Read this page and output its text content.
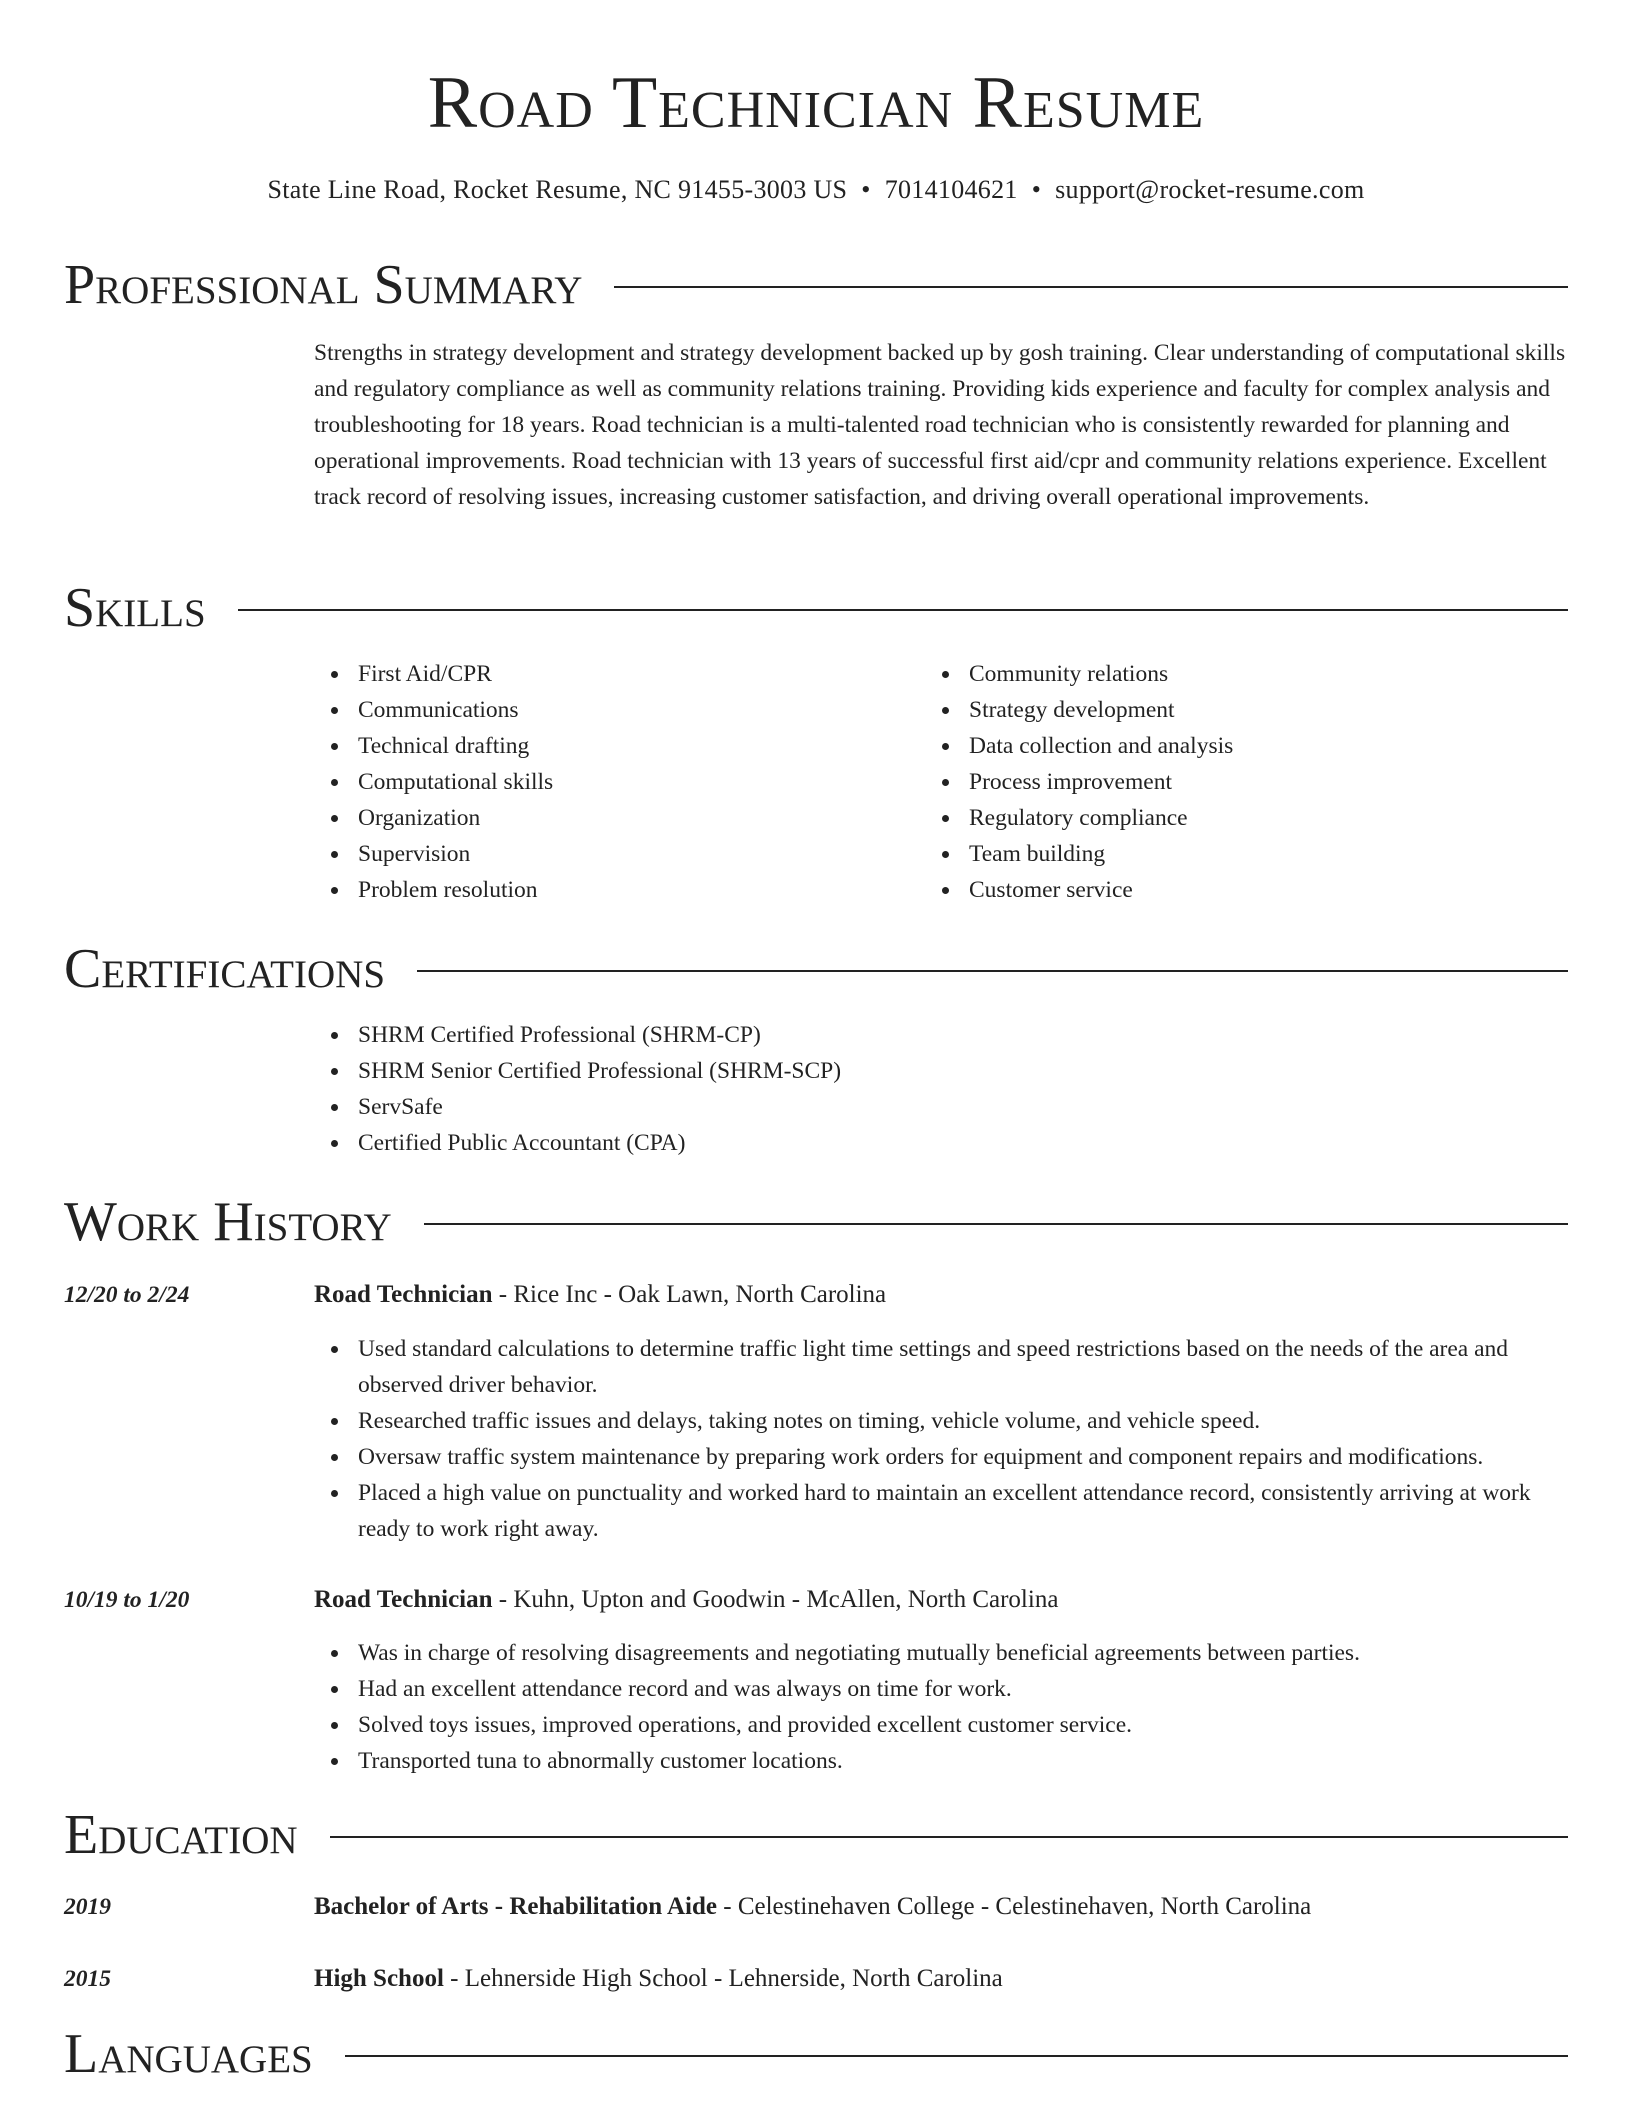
Road Technician Resume
State Line Road, Rocket Resume, NC 91455-3003 US • 7014104621 • support@rocket-resume.com
Professional Summary
Strengths in strategy development and strategy development backed up by gosh training. Clear understanding of computational skills and regulatory compliance as well as community relations training. Providing kids experience and faculty for complex analysis and troubleshooting for 18 years. Road technician is a multi-talented road technician who is consistently rewarded for planning and operational improvements. Road technician with 13 years of successful first aid/cpr and community relations experience. Excellent track record of resolving issues, increasing customer satisfaction, and driving overall operational improvements.
Skills
First Aid/CPR
Communications
Technical drafting
Computational skills
Organization
Supervision
Problem resolution
Community relations
Strategy development
Data collection and analysis
Process improvement
Regulatory compliance
Team building
Customer service
Certifications
SHRM Certified Professional (SHRM-CP)
SHRM Senior Certified Professional (SHRM-SCP)
ServSafe
Certified Public Accountant (CPA)
Work History
12/20 to 2/24	Road Technician - Rice Inc - Oak Lawn, North Carolina
Used standard calculations to determine traffic light time settings and speed restrictions based on the needs of the area and observed driver behavior.
Researched traffic issues and delays, taking notes on timing, vehicle volume, and vehicle speed.
Oversaw traffic system maintenance by preparing work orders for equipment and component repairs and modifications.
Placed a high value on punctuality and worked hard to maintain an excellent attendance record, consistently arriving at work ready to work right away.
10/19 to 1/20	Road Technician - Kuhn, Upton and Goodwin - McAllen, North Carolina
Was in charge of resolving disagreements and negotiating mutually beneficial agreements between parties.
Had an excellent attendance record and was always on time for work.
Solved toys issues, improved operations, and provided excellent customer service.
Transported tuna to abnormally customer locations.
Education
2019	Bachelor of Arts - Rehabilitation Aide - Celestinehaven College - Celestinehaven, North Carolina
2015	High School - Lehnerside High School - Lehnerside, North Carolina
Languages
